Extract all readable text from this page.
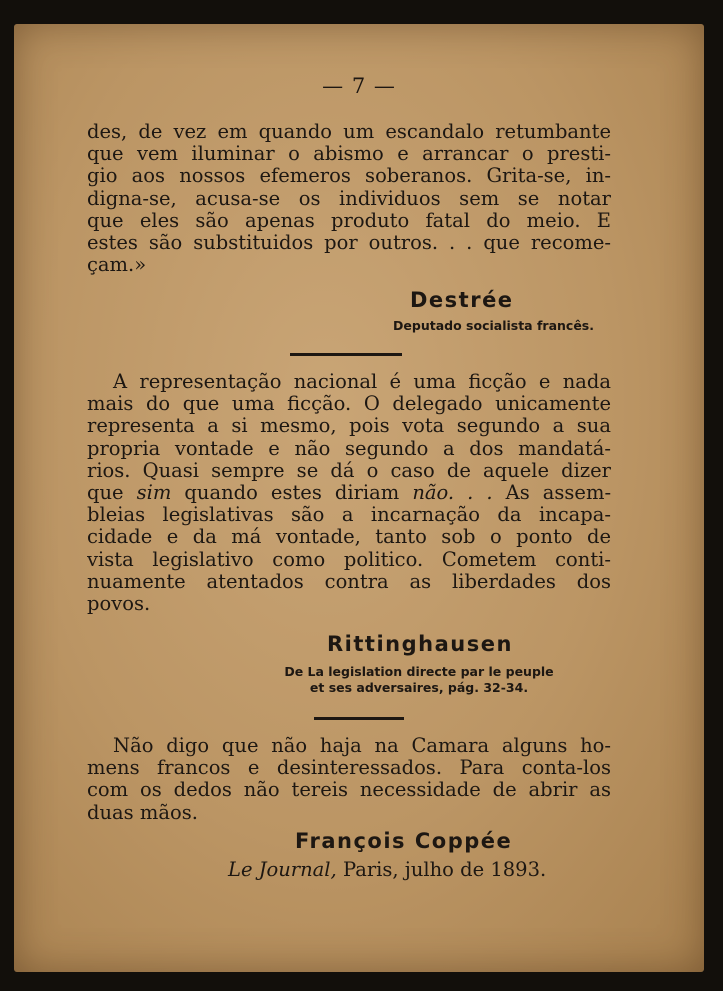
— 7 —

des, de vez em quando um escandalo retumbante
que vem iluminar o abismo e arrancar o presti-
gio aos nossos efemeros soberanos. Grita-se, in-
digna-se, acusa-se os individuos sem se notar
que eles são apenas produto fatal do meio. E
estes são substituidos por outros. . . que recome-
çam.»

Destrée
Deputado socialista francês.

A representação nacional é uma ficção e nada
mais do que uma ficção. O delegado unicamente
representa a si mesmo, pois vota segundo a sua
propria vontade e não segundo a dos mandatá-
rios. Quasi sempre se dá o caso de aquele dizer
que sim quando estes diriam não. . . As assem-
bleias legislativas são a incarnação da incapa-
cidade e da má vontade, tanto sob o ponto de
vista legislativo como politico. Cometem conti-
nuamente atentados contra as liberdades dos
povos.

Rittinghausen
De La legislation directe par le peuple
et ses adversaires, pág. 32-34.

Não digo que não haja na Camara alguns ho-
mens francos e desinteressados. Para conta-los
com os dedos não tereis necessidade de abrir as
duas mãos.

François Coppée
Le Journal, Paris, julho de 1893.
